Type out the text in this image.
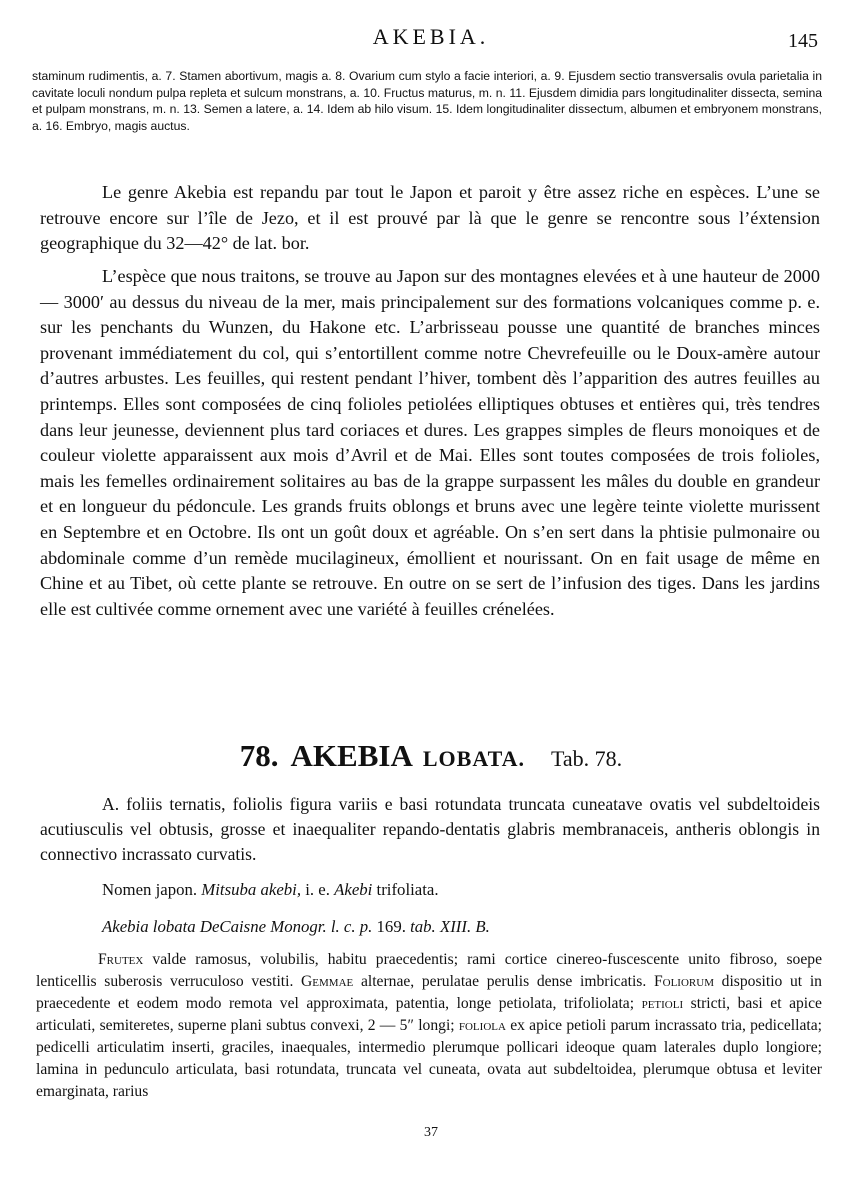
AKEBIA.	145
staminum rudimentis, a. 7. Stamen abortivum, magis a. 8. Ovarium cum stylo a facie interiori, a. 9. Ejusdem sectio transversalis ovula parietalia in cavitate loculi nondum pulpa repleta et sulcum monstrans, a. 10. Fructus maturus, m. n. 11. Ejusdem dimidia pars longitudinaliter dissecta, semina et pulpam monstrans, m. n. 13. Semen a latere, a. 14. Idem ab hilo visum. 15. Idem longitudinaliter dissectum, albumen et embryonem monstrans, a. 16. Embryo, magis auctus.
Le genre Akebia est repandu par tout le Japon et paroit y être assez riche en espèces. L’une se retrouve encore sur l’île de Jezo, et il est prouvé par là que le genre se rencontre sous l’éxtension geographique du 32—42° de lat. bor.
L’espèce que nous traitons, se trouve au Japon sur des montagnes elevées et à une hauteur de 2000 — 3000′ au dessus du niveau de la mer, mais principalement sur des formations volcaniques comme p. e. sur les penchants du Wunzen, du Hakone etc. L’arbrisseau pousse une quantité de branches minces provenant immédiatement du col, qui s’entortillent comme notre Chevrefeuille ou le Doux-amère autour d’autres arbustes. Les feuilles, qui restent pendant l’hiver, tombent dès l’apparition des autres feuilles au printemps. Elles sont composées de cinq folioles petiolées elliptiques obtuses et entières qui, très tendres dans leur jeunesse, deviennent plus tard coriaces et dures. Les grappes simples de fleurs monoiques et de couleur violette apparaissent aux mois d’Avril et de Mai. Elles sont toutes composées de trois folioles, mais les femelles ordinairement solitaires au bas de la grappe surpassent les mâles du double en grandeur et en longueur du pédoncule. Les grands fruits oblongs et bruns avec une legère teinte violette murissent en Septembre et en Octobre. Ils ont un goût doux et agréable. On s’en sert dans la phtisie pulmonaire ou abdominale comme d’un remède mucilagineux, émollient et nourissant. On en fait usage de même en Chine et au Tibet, où cette plante se retrouve. En outre on se sert de l’infusion des tiges. Dans les jardins elle est cultivée comme ornement avec une variété à feuilles crénelées.
78. AKEBIA LOBATA. Tab. 78.
A. foliis ternatis, foliolis figura variis e basi rotundata truncata cuneatave ovatis vel subdeltoideis acutiusculis vel obtusis, grosse et inaequaliter repando-dentatis glabris membranaceis, antheris oblongis in connectivo incrassato curvatis.
Nomen japon. Mitsuba akebi, i. e. Akebi trifoliata.
Akebia lobata DeCaisne Monogr. l. c. p. 169. tab. XIII. B.
Frutex valde ramosus, volubilis, habitu praecedentis; rami cortice cinereo-fuscescente unito fibroso, soepe lenticellis suberosis verruculoso vestiti. Gemmae alternae, perulatae perulis dense imbricatis. Foliorum dispositio ut in praecedente et eodem modo remota vel approximata, patentia, longe petiolata, trifoliolata; petioli stricti, basi et apice articulati, semiteretes, superne plani subtus convexi, 2 — 5″ longi; foliola ex apice petioli parum incrassato tria, pedicellata; pedicelli articulatim inserti, graciles, inaequales, intermedio plerumque pollicari ideoque quam laterales duplo longiore; lamina in pedunculo articulata, basi rotundata, truncata vel cuneata, ovata aut subdeltoidea, plerumque obtusa et leviter emarginata, rarius
37
